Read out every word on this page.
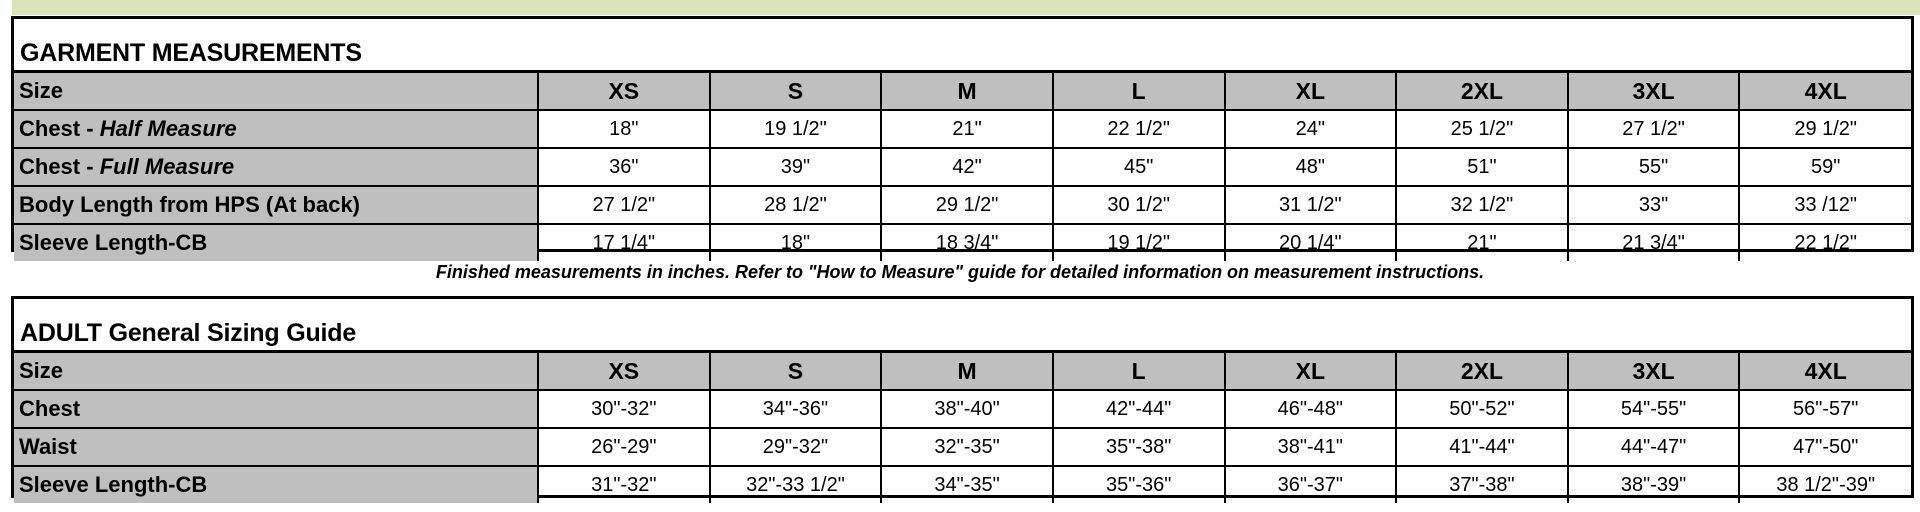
GARMENT MEASUREMENTS
Size	XS	S	M	L	XL	2XL	3XL	4XL
Chest - Half Measure	18"	19 1/2"	21"	22 1/2"	24"	25 1/2"	27 1/2"	29 1/2"
Chest - Full Measure	36"	39"	42"	45"	48"	51"	55"	59"
Body Length from HPS (At back)	27 1/2"	28 1/2"	29 1/2"	30 1/2"	31 1/2"	32 1/2"	33"	33 /12"
Sleeve Length-CB	17 1/4"	18"	18 3/4"	19 1/2"	20 1/4"	21"	21 3/4"	22 1/2"
Finished measurements in inches. Refer to "How to Measure" guide for detailed information on measurement instructions.
ADULT General Sizing Guide
Size	XS	S	M	L	XL	2XL	3XL	4XL
Chest	30"-32"	34"-36"	38"-40"	42"-44"	46"-48"	50"-52"	54"-55"	56"-57"
Waist	26"-29"	29"-32"	32"-35"	35"-38"	38"-41"	41"-44"	44"-47"	47"-50"
Sleeve Length-CB	31"-32"	32"-33 1/2"	34"-35"	35"-36"	36"-37"	37"-38"	38"-39"	38 1/2"-39"
